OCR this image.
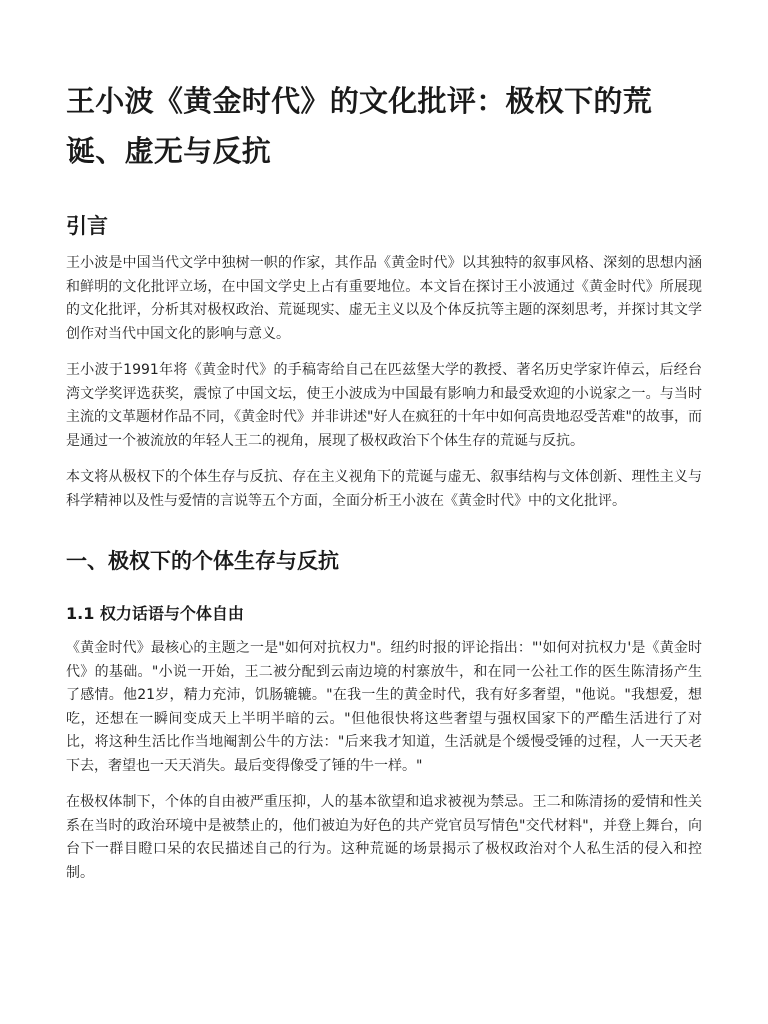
王小波《黄金时代》的文化批评：极权下的荒诞、虚无与反抗
引言

王小波是中国当代文学中独树一帜的作家，其作品《黄金时代》以其独特的叙事风格、深刻的思想内涵和鲜明的文化批评立场，在中国文学史上占有重要地位。本文旨在探讨王小波通过《黄金时代》所展现的文化批评，分析其对极权政治、荒诞现实、虚无主义以及个体反抗等主题的深刻思考，并探讨其文学创作对当代中国文化的影响与意义。

王小波于1991年将《黄金时代》的手稿寄给自己在匹兹堡大学的教授、著名历史学家许倬云，后经台湾文学奖评选获奖，震惊了中国文坛，使王小波成为中国最有影响力和最受欢迎的小说家之一。与当时主流的文革题材作品不同，《黄金时代》并非讲述"好人在疯狂的十年中如何高贵地忍受苦难"的故事，而是通过一个被流放的年轻人王二的视角，展现了极权政治下个体生存的荒诞与反抗。

本文将从极权下的个体生存与反抗、存在主义视角下的荒诞与虚无、叙事结构与文体创新、理性主义与科学精神以及性与爱情的言说等五个方面，全面分析王小波在《黄金时代》中的文化批评。

一、极权下的个体生存与反抗
1.1 权力话语与个体自由

《黄金时代》最核心的主题之一是"如何对抗权力"。纽约时报的评论指出："'如何对抗权力'是《黄金时代》的基础。"小说一开始，王二被分配到云南边境的村寨放牛，和在同一公社工作的医生陈清扬产生了感情。他21岁，精力充沛，饥肠辘辘。"在我一生的黄金时代，我有好多奢望，"他说。"我想爱，想吃，还想在一瞬间变成天上半明半暗的云。"但他很快将这些奢望与强权国家下的严酷生活进行了对比，将这种生活比作当地阉割公牛的方法："后来我才知道，生活就是个缓慢受锤的过程，人一天天老下去，奢望也一天天消失。最后变得像受了锤的牛一样。"

在极权体制下，个体的自由被严重压抑，人的基本欲望和追求被视为禁忌。王二和陈清扬的爱情和性关系在当时的政治环境中是被禁止的，他们被迫为好色的共产党官员写情色"交代材料"，并登上舞台，向台下一群目瞪口呆的农民描述自己的行为。这种荒诞的场景揭示了极权政治对个人私生活的侵入和控制。
